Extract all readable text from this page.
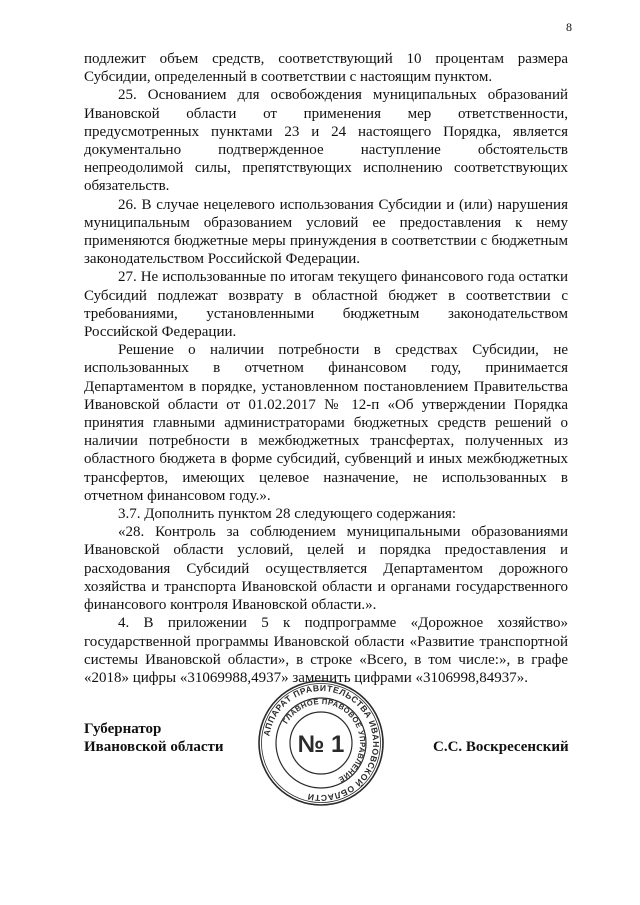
8

подлежит объем средств, соответствующий 10 процентам размера Субсидии, определенный в соответствии с настоящим пунктом.

25. Основанием для освобождения муниципальных образований Ивановской области от применения мер ответственности, предусмотренных пунктами 23 и 24 настоящего Порядка, является документально подтвержденное наступление обстоятельств непреодолимой силы, препятствующих исполнению соответствующих обязательств.

26. В случае нецелевого использования Субсидии и (или) нарушения муниципальным образованием условий ее предоставления к нему применяются бюджетные меры принуждения в соответствии с бюджетным законодательством Российской Федерации.

27. Не использованные по итогам текущего финансового года остатки Субсидий подлежат возврату в областной бюджет в соответствии с требованиями, установленными бюджетным законодательством Российской Федерации.

Решение о наличии потребности в средствах Субсидии, не использованных в отчетном финансовом году, принимается Департаментом в порядке, установленном постановлением Правительства Ивановской области от 01.02.2017 № 12-п «Об утверждении Порядка принятия главными администраторами бюджетных средств решений о наличии потребности в межбюджетных трансфертах, полученных из областного бюджета в форме субсидий, субвенций и иных межбюджетных трансфертов, имеющих целевое назначение, не использованных в отчетном финансовом году.».

3.7. Дополнить пунктом 28 следующего содержания:

«28. Контроль за соблюдением муниципальными образованиями Ивановской области условий, целей и порядка предоставления и расходования Субсидий осуществляется Департаментом дорожного хозяйства и транспорта Ивановской области и органами государственного финансового контроля Ивановской области.».

4. В приложении 5 к подпрограмме «Дорожное хозяйство» государственной программы Ивановской области «Развитие транспортной системы Ивановской области», в строке «Всего, в том числе:», в графе «2018» цифры «31069988,4937» заменить цифрами «3106998,84937».

Губернатор
Ивановской области	С.С. Воскресенский
АППАРАТ ПРАВИТЕЛЬСТВА ИВАНОВСКОЙ ОБЛАСТИ
ГЛАВНОЕ ПРАВОВОЕ УПРАВЛЕНИЕ
№ 1
